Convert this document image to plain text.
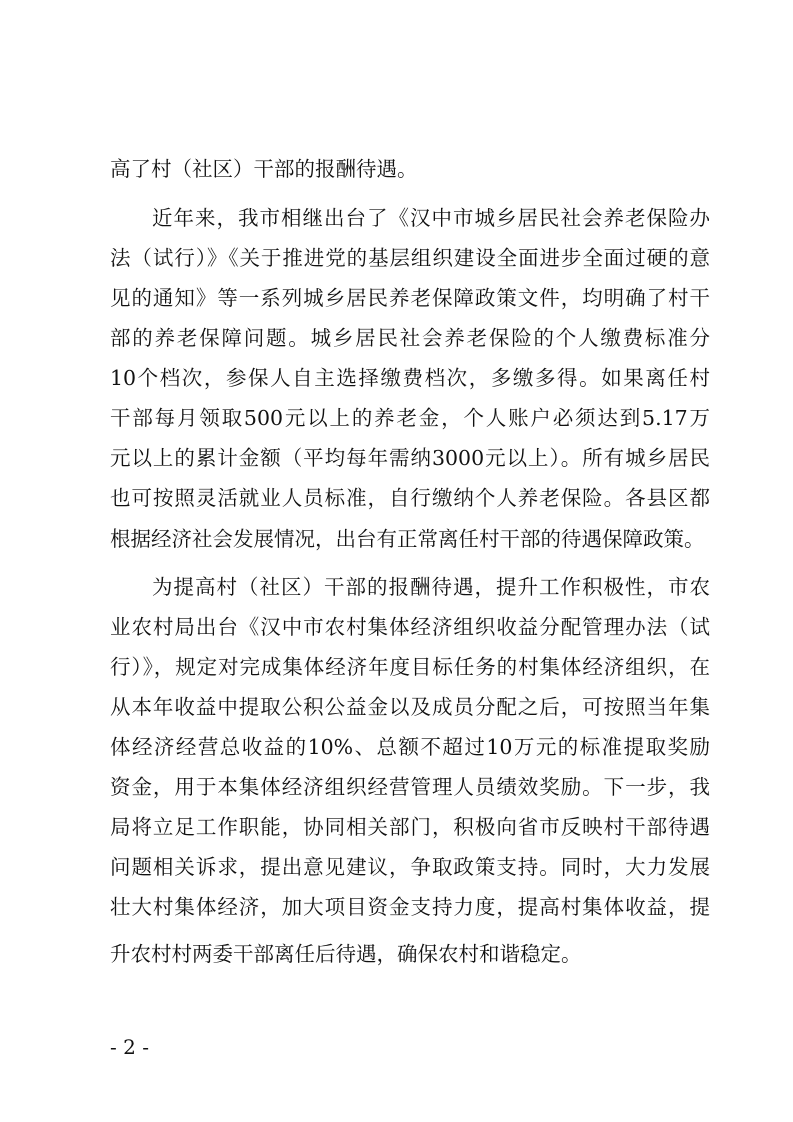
高了村（社区）干部的报酬待遇。
近年来，我市相继出台了《汉中市城乡居民社会养老保险办
法（试行）》《关于推进党的基层组织建设全面进步全面过硬的意
见的通知》等一系列城乡居民养老保障政策文件，均明确了村干
部的养老保障问题。城乡居民社会养老保险的个人缴费标准分
10个档次，参保人自主选择缴费档次，多缴多得。如果离任村
干部每月领取500元以上的养老金，个人账户必须达到5.17万
元以上的累计金额（平均每年需纳3000元以上）。所有城乡居民
也可按照灵活就业人员标准，自行缴纳个人养老保险。各县区都
根据经济社会发展情况，出台有正常离任村干部的待遇保障政策。
为提高村（社区）干部的报酬待遇，提升工作积极性，市农
业农村局出台《汉中市农村集体经济组织收益分配管理办法（试
行）》，规定对完成集体经济年度目标任务的村集体经济组织，在
从本年收益中提取公积公益金以及成员分配之后，可按照当年集
体经济经营总收益的10%、总额不超过10万元的标准提取奖励
资金，用于本集体经济组织经营管理人员绩效奖励。下一步，我
局将立足工作职能，协同相关部门，积极向省市反映村干部待遇
问题相关诉求，提出意见建议，争取政策支持。同时，大力发展
壮大村集体经济，加大项目资金支持力度，提高村集体收益，提
升农村村两委干部离任后待遇，确保农村和谐稳定。
- 2 -
